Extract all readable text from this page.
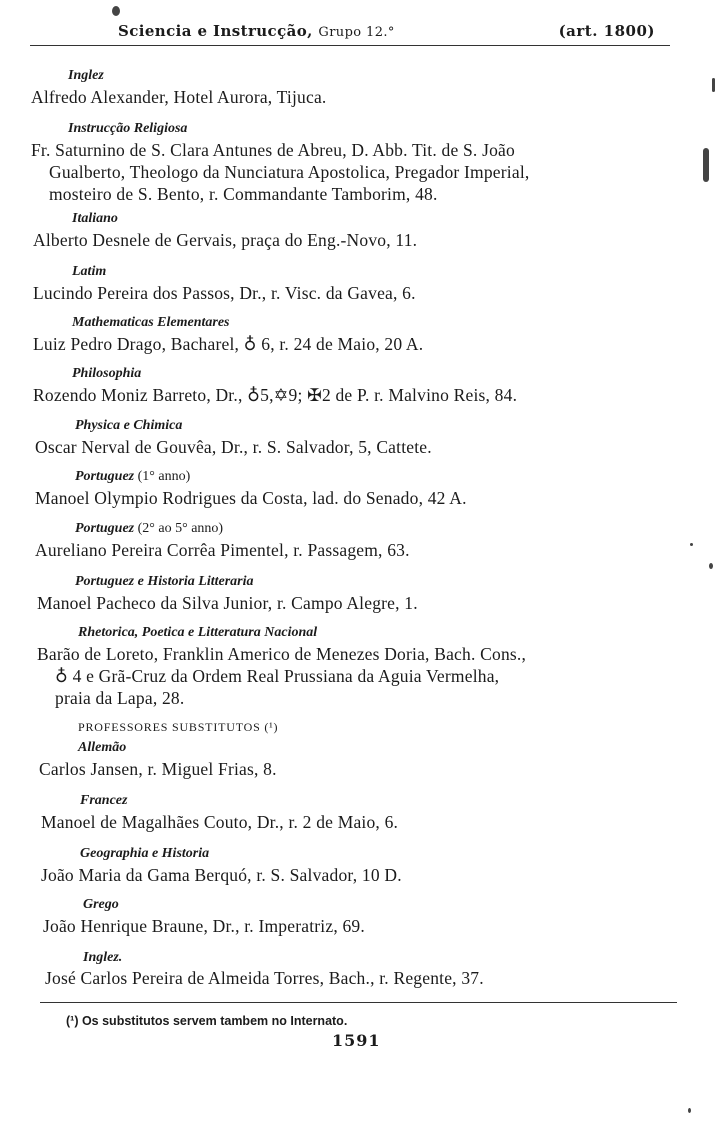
Sciencia e Instrucção, Grupo 12.°	(art. 1800)
Inglez
Alfredo Alexander, Hotel Aurora, Tijuca.
Instrucção Religiosa
Fr. Saturnino de S. Clara Antunes de Abreu, D. Abb. Tit. de S. João
Gualberto, Theologo da Nunciatura Apostolica, Pregador Imperial,
mosteiro de S. Bento, r. Commandante Tamborim, 48.
Italiano
Alberto Desnele de Gervais, praça do Eng.-Novo, 11.
Latim
Lucindo Pereira dos Passos, Dr., r. Visc. da Gavea, 6.
Mathematicas Elementares
Luiz Pedro Drago, Bacharel, ♁ 6, r. 24 de Maio, 20 A.
Philosophia
Rozendo Moniz Barreto, Dr., ♁5,✡9; ✠2 de P. r. Malvino Reis, 84.
Physica e Chimica
Oscar Nerval de Gouvêa, Dr., r. S. Salvador, 5, Cattete.
Portuguez (1° anno)
Manoel Olympio Rodrigues da Costa, lad. do Senado, 42 A.
Portuguez (2° ao 5° anno)
Aureliano Pereira Corrêa Pimentel, r. Passagem, 63.
Portuguez e Historia Litteraria
Manoel Pacheco da Silva Junior, r. Campo Alegre, 1.
Rhetorica, Poetica e Litteratura Nacional
Barão de Loreto, Franklin Americo de Menezes Doria, Bach. Cons.,
♁ 4 e Grã-Cruz da Ordem Real Prussiana da Aguia Vermelha,
praia da Lapa, 28.
PROFESSORES SUBSTITUTOS (¹)
Allemão
Carlos Jansen, r. Miguel Frias, 8.
Francez
Manoel de Magalhães Couto, Dr., r. 2 de Maio, 6.
Geographia e Historia
João Maria da Gama Berquó, r. S. Salvador, 10 D.
Grego
João Henrique Braune, Dr., r. Imperatriz, 69.
Inglez.
José Carlos Pereira de Almeida Torres, Bach., r. Regente, 37.
(¹) Os substitutos servem tambem no Internato.
1591
